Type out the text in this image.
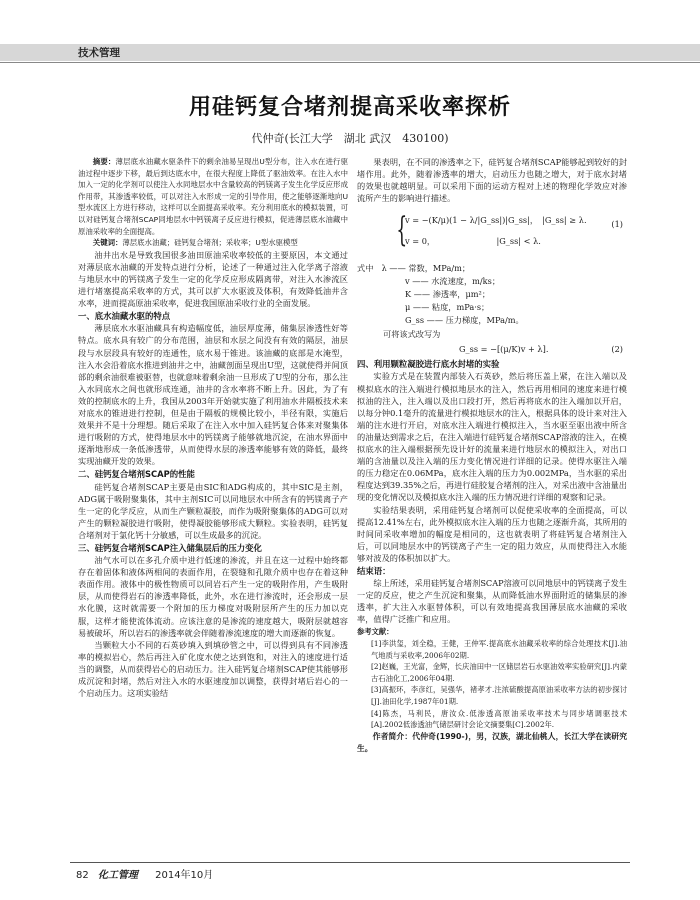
技术管理
用硅钙复合堵剂提高采收率探析
代仲奇(长江大学　湖北 武汉　430100)

摘要：薄层底水油藏水驱条件下的剩余油易呈现出U型分布，注入水在进行驱油过程中逐步下移，最后到达底水中，在很大程度上降低了驱油效率。在注入水中加入一定的化学剂可以使注入水同地层水中含量较高的钙镁离子发生化学反应形成作用带，其渗透率较低，可以对注入水形成一定的引导作用，使之能够逐渐地向U型水流区上方进行移动，这样可以全面提高采收率。充分利用底水的模拟装置，可以对硅钙复合堵剂SCAP同地层水中钙镁离子反应进行模拟，促进薄层底水油藏中原油采收率的全面提高。

关键词：薄层底水油藏；硅钙复合堵剂；采收率；U型水驱模型

油井出水是导致我国很多油田原油采收率较低的主要原因，本文通过对薄层底水油藏的开发特点进行分析，论述了一种通过注入化学离子溶液与地层水中的钙镁离子发生一定的化学反应形成隔离带，对注入水渗流区进行堵塞提高采收率的方式，其可以扩大水驱波及体积，有效降低油井含水率，进而提高原油采收率，促进我国原油采收行业的全面发展。

一、底水油藏水驱的特点

薄层底水水驱油藏具有构造幅度低，油层厚度薄，储集层渗透性好等特点。底水具有较广的分布范围，油层和水层之间没有有效的隔层，油层段与水层段具有较好的连通性，底水易于锥进。该油藏的底部是水淹型，注入水会沿着底水推进到油井之中，油藏剖面呈现出U型，这就使得并间顶部的剩余油很难被驱替，也就意味着剩余油一旦形成了U型的分布，那么注入水同底水之间也就形成连通，油井的含水率将不断上升。因此，为了有效的控制底水的上升，我国从2003年开始就实施了利用油水井隔板技术来对底水的锥进进行控制，但是由于隔板的规模比较小，半径有限，实施后效果并不是十分理想。随后采取了在注入水中加入硅钙复合体来对聚集体进行吸附的方式，使得地层水中的钙镁离子能够就地沉淀，在油水界面中逐渐地形成一条低渗透带，从而使得水层的渗透率能够有效的降低，最终实现油藏开发的效果。

二、硅钙复合堵剂SCAP的性能

硅钙复合堵剂SCAP主要是由SIC和ADG构成的，其中SIC是主剂，ADG属于吸附聚集体，其中主剂SIC可以同地层水中所含有的钙镁离子产生一定的化学反应，从而生产颗粒凝胶，而作为吸附聚集体的ADG可以对产生的颗粒凝胶进行吸附，使得凝胶能够形成大颗粒。实验表明，硅钙复合堵剂对于氯化钙十分敏感，可以生成最多的沉淀。

三、硅钙复合堵剂SCAP注入储集层后的压力变化

油气水可以在多孔介质中进行低速的渗流，并且在这一过程中始终都存在着固体和液体两相间的表面作用，在裂缝和孔隙介质中也存在着这种表面作用。液体中的极性物质可以同岩石产生一定的吸附作用，产生吸附层，从而使得岩石的渗透率降低，此外，水在进行渗流时，还会形成一层水化膜，这时就需要一个附加的压力梯度对吸附层所产生的压力加以克服，这样才能使流体流动。应该注意的是渗流的速度越大，吸附层就越容易被破坏，所以岩石的渗透率就会伴随着渗流速度的增大而逐渐的恢复。

当颗粒大小不同的石英砂填入到填砂管之中，可以得到具有不同渗透率的模拟岩心，然后再注入矿化度水使之达到饱和，对注入的速度进行适当的调整，从而获得岩心的启动压力。注入硅钙复合堵剂SCAP使其能够形成沉淀和封堵，然后对注入水的水驱速度加以调整，获得封堵后岩心的一个启动压力。这项实验结

果表明，在不同的渗透率之下，硅钙复合堵剂SCAP能够起到较好的封堵作用。此外，随着渗透率的增大，启动压力也随之增大，对于底水封堵的效果也就越明显。可以采用下面的运动方程对上述的物理化学效应对渗流所产生的影响进行描述。

{
v = −(K/μ)(1 − λ/|G_ss|)|G_ss|，　|G_ss| ≥ λ.
v = 0，　　　　　　　　|G_ss| < λ.
(1)
式中　 λ —— 常数，MPa/m；
v —— 水流速度，m/ks；
K —— 渗透率，μm²；
μ —— 粘度，mPa·s；
G_ss —— 压力梯度，MPa/m。
可将该式改写为
G_ss = −[(μ/K)v + λ].	(2)

四、利用颗粒凝胶进行底水封堵的实验

实验方式是在装置内部装入石英砂，然后将压盖上紧，在注入端以及模拟底水的注入端进行模拟地层水的注入，然后再用相同的速度来进行模拟油的注入，注入端以及出口段打开，然后再将底水的注入端加以开启，以每分钟0.1毫升的流量进行模拟地层水的注入，根据具体的设计来对注入端的注水进行开启，对底水注入端进行模拟注入，当水驱至驱出液中所含的油量达到需求之后，在注入端进行硅钙复合堵剂SCAP溶液的注入，在模拟底水的注入端根据预先设计好的流量来进行地层水的模拟注入，对出口端的含油量以及注入端的压力变化情况进行详细的记录。使得水驱注入端的压力稳定在0.06MPa，底水注入端的压力为0.002MPa，当水驱的采出程度达到39.35%之后，再进行硅胶复合堵剂的注入，对采出液中含油量出现的变化情况以及模拟底水注入端的压力情况进行详细的观察和记录。

实验结果表明，采用硅钙复合堵剂可以促使采收率的全面提高，可以提高12.41%左右，此外模拟底水注入端的压力也随之逐渐升高，其所用的时间同采收率增加的幅度是相同的，这也就表明了将硅钙复合堵剂注入后，可以同地层水中的钙镁离子产生一定的阻力效应，从而使得注入水能够对波及的体积加以扩大。

结束语：

综上所述，采用硅钙复合堵剂SCAP溶液可以同地层中的钙镁离子发生一定的反应，使之产生沉淀和聚集，从而降低油水界面附近的储集层的渗透率，扩大注入水驱替体积，可以有效地提高我国薄层底水油藏的采收率，值得广泛推广和应用。

参考文献：

[1]李洪玺，刘全稳，王健，王仲军.提高底水油藏采收率的综合处理技术[J].油气地质与采收率,2006年02期.

[2]赵巍，王光富，金辉，长庆油田中一区储层岩石水驱油效率实验研究[J].内蒙古石油化工,2006年04期.

[3]高振环，李彦红，吴强华，褚孝才.注浓硫酸提高原油采收率方法的初步探讨[J].油田化学,1987年01期.

[4]陈杰，马利民，唐汝众.低渗透高原油采收率技术与同步堵调驱技术[A].2002低渗透油气储层研讨会论文摘要集[C].2002年.

作者简介：代仲奇(1990-)，男，汉族，湖北仙桃人，长江大学在读研究生。

82 化工管理 2014年10月
